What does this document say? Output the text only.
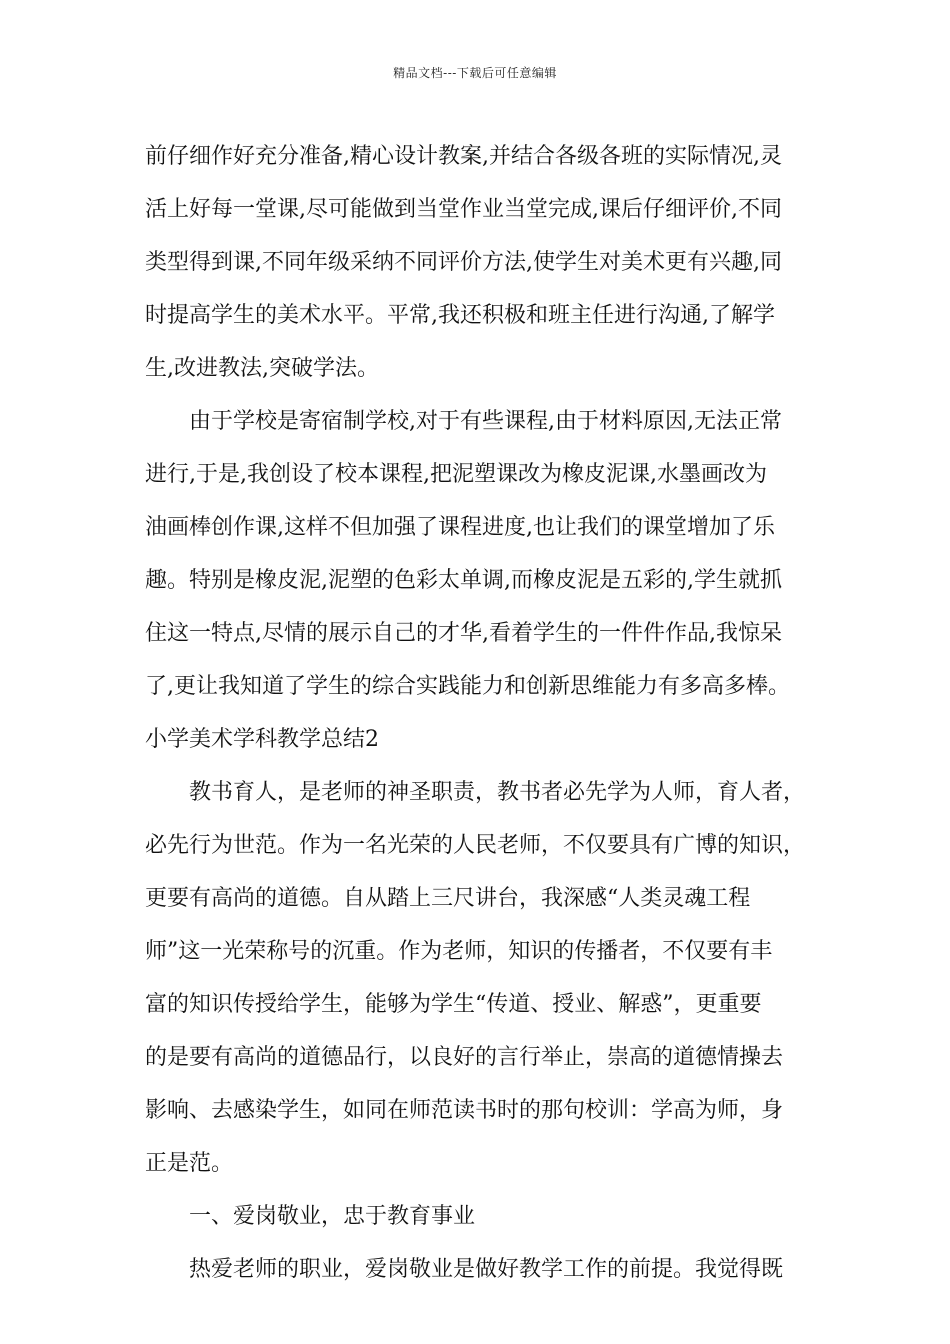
精品文档---下载后可任意编辑
前仔细作好充分准备,精心设计教案,并结合各级各班的实际情况,灵
活上好每一堂课,尽可能做到当堂作业当堂完成,课后仔细评价,不同
类型得到课,不同年级采纳不同评价方法,使学生对美术更有兴趣,同
时提高学生的美术水平。平常,我还积极和班主任进行沟通,了解学
生,改进教法,突破学法。
由于学校是寄宿制学校,对于有些课程,由于材料原因,无法正常
进行,于是,我创设了校本课程,把泥塑课改为橡皮泥课,水墨画改为
油画棒创作课,这样不但加强了课程进度,也让我们的课堂增加了乐
趣。特别是橡皮泥,泥塑的色彩太单调,而橡皮泥是五彩的,学生就抓
住这一特点,尽情的展示自己的才华,看着学生的一件件作品,我惊呆
了,更让我知道了学生的综合实践能力和创新思维能力有多高多棒。
小学美术学科教学总结2
教书育人，是老师的神圣职责，教书者必先学为人师，育人者，
必先行为世范。作为一名光荣的人民老师，不仅要具有广博的知识，
更要有高尚的道德。自从踏上三尺讲台，我深感“人类灵魂工程
师”这一光荣称号的沉重。作为老师，知识的传播者，不仅要有丰
富的知识传授给学生，能够为学生“传道、授业、解惑”，更重要
的是要有高尚的道德品行，以良好的言行举止，崇高的道德情操去
影响、去感染学生，如同在师范读书时的那句校训：学高为师，身
正是范。
一、爱岗敬业，忠于教育事业
热爱老师的职业，爱岗敬业是做好教学工作的前提。我觉得既
